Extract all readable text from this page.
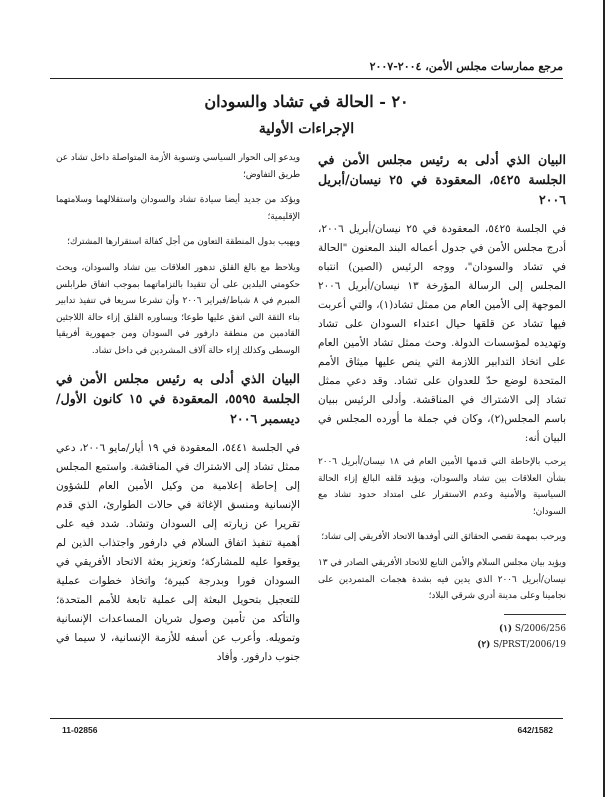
مرجع ممارسات مجلس الأمن، ٢٠٠٤-٢٠٠٧
٢٠ - الحالة في تشاد والسودان
الإجراءات الأولية

البيان الذي أدلى به رئيس مجلس الأمن في الجلسة ٥٤٢٥، المعقودة في ٢٥ نيسان/أبريل ٢٠٠٦

في الجلسة ٥٤٢٥، المعقودة في ٢٥ نيسان/أبريل ٢٠٠٦، أدرج مجلس الأمن في جدول أعماله البند المعنون "الحالة في تشاد والسودان"، ووجه الرئيس (الصين) انتباه المجلس إلى الرسالة المؤرخة ١٣ نيسان/أبريل ٢٠٠٦ الموجهة إلى الأمين العام من ممثل تشاد(١)، والتي أعربت فيها تشاد عن قلقها حيال اعتداء السودان على تشاد وتهديده لمؤسسات الدولة. وحث ممثل تشاد الأمين العام على اتخاذ التدابير اللازمة التي ينص عليها ميثاق الأمم المتحدة لوضع حدّ للعدوان على تشاد. وقد دعي ممثل تشاد إلى الاشتراك في المناقشة. وأدلى الرئيس ببيان باسم المجلس(٢)، وكان في جملة ما أورده المجلس في البيان أنه:

يرحب بالإحاطة التي قدمها الأمين العام في ١٨ نيسان/أبريل ٢٠٠٦ بشأن العلاقات بين تشاد والسودان، ويؤيد قلقه البالغ إزاء الحالة السياسية والأمنية وعدم الاستقرار على امتداد حدود تشاد مع السودان؛

ويرحب بمهمة تقصي الحقائق التي أوفدها الاتحاد الأفريقي إلى تشاد؛

ويؤيد بيان مجلس السلام والأمن التابع للاتحاد الأفريقي الصادر في ١٣ نيسان/أبريل ٢٠٠٦ الذي يدين فيه بشدة هجمات المتمردين على نجامينا وعلى مدينة أدري شرقي البلاد؛

S/2006/256 (١)

S/PRST/2006/19 (٢)

ويدعو إلى الحوار السياسي وتسوية الأزمة المتواصلة داخل تشاد عن طريق التفاوض؛

ويؤكد من جديد أيضا سيادة تشاد والسودان واستقلالهما وسلامتهما الإقليمية؛

ويهيب بدول المنطقة التعاون من أجل كفالة استقرارها المشترك؛

ويلاحظ مع بالغ القلق تدهور العلاقات بين تشاد والسودان، ويحث حكومتي البلدين على أن تتقيدا بالتزاماتهما بموجب اتفاق طرابلس المبرم في ٨ شباط/فبراير ٢٠٠٦ وأن تشرعا سريعا في تنفيذ تدابير بناء الثقة التي اتفق عليها طوعا؛ ويساوره القلق إزاء حالة اللاجئين القادمين من منطقة دارفور في السودان ومن جمهورية أفريقيا الوسطى وكذلك إزاء حالة آلاف المشردين في داخل تشاد.

البيان الذي أدلى به رئيس مجلس الأمن في الجلسة ٥٥٩٥، المعقودة في ١٥ كانون الأول/ديسمبر ٢٠٠٦

في الجلسة ٥٤٤١، المعقودة في ١٩ أيار/مايو ٢٠٠٦، دعي ممثل تشاد إلى الاشتراك في المناقشة. واستمع المجلس إلى إحاطة إعلامية من وكيل الأمين العام للشؤون الإنسانية ومنسق الإغاثة في حالات الطوارئ، الذي قدم تقريرا عن زيارته إلى السودان وتشاد. شدد فيه على أهمية تنفيذ اتفاق السلام في دارفور واجتذاب الذين لم يوقعوا عليه للمشاركة؛ وتعزيز بعثة الاتحاد الأفريقي في السودان فورا وبدرجة كبيرة؛ واتخاذ خطوات عملية للتعجيل بتحويل البعثة إلى عملية تابعة للأمم المتحدة؛ والتأكد من تأمين وصول شريان المساعدات الإنسانية وتمويله. وأعرب عن أسفه للأزمة الإنسانية، لا سيما في جنوب دارفور. وأفاد

11-02856	642/1582
